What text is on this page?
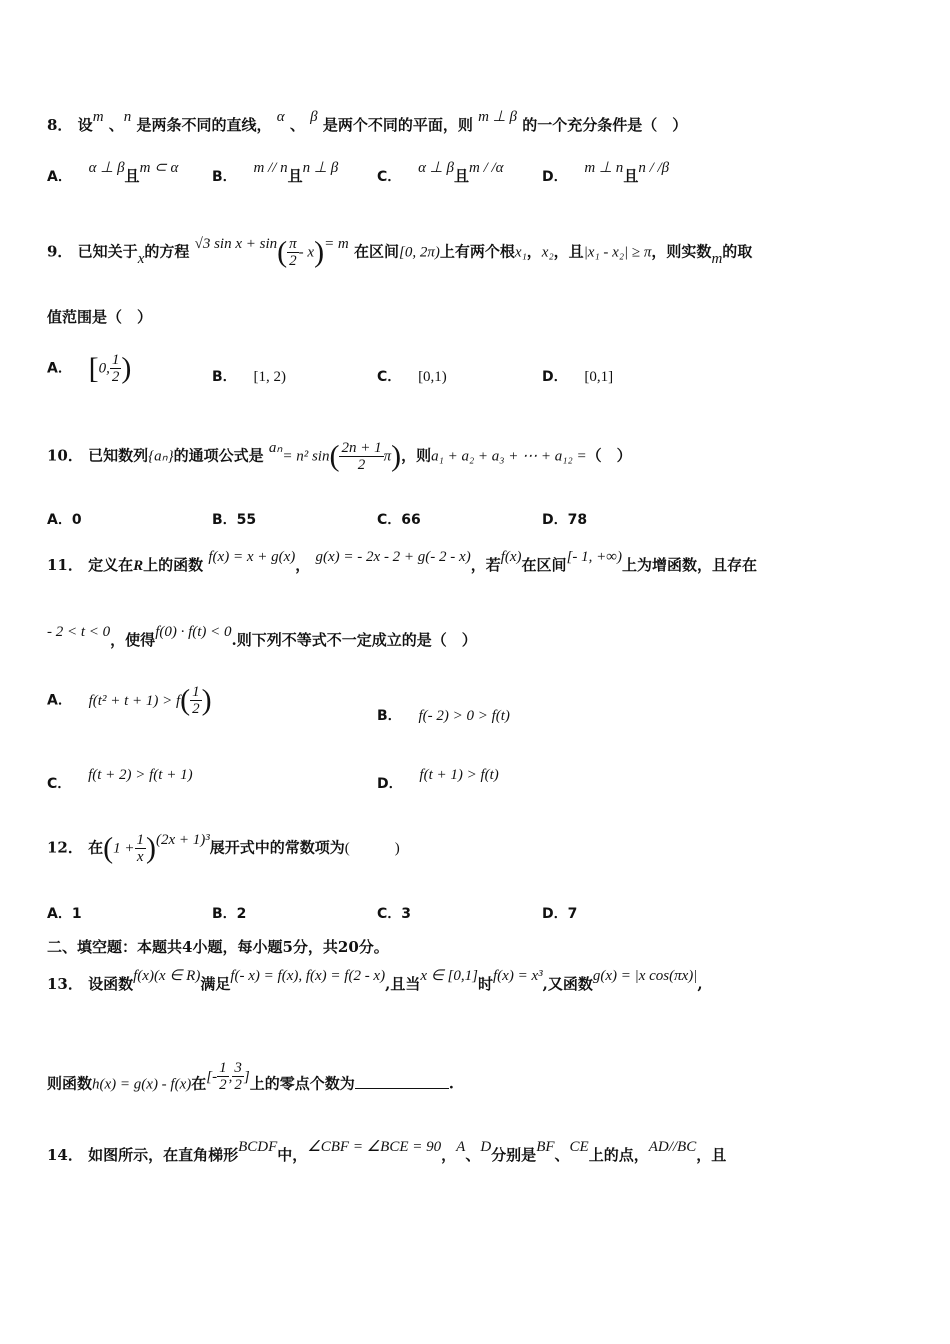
8． 设m 、n 是两条不同的直线， α 、 β 是两个不同的平面，则 m ⊥ β 的一个充分条件是（　）
A． α ⊥ β且m ⊂ α
B． m // n且n ⊥ β
C． α ⊥ β且m / /α
D． m ⊥ n且n / /β
9． 已知关于x的方程 √3 $\sin x + \sin( \frac{\pi}{2} - x)= m$ 在区间[0, 2π)上有两个根x₁，x₂，且|x₁ - x₂| ≥ π，则实数m的取
值范围是（　）
A． [0, $\frac{1}{2}$ )	B． [1, 2)	C． [0,1)	D． [0,1]
10． 已知数列{aₙ}的通项公式是 aₙ= n² $\sin( \frac{2n + 1}{2} \pi)$，则a₁ + a₂ + a₃ + ⋯ + a₁₂ =（　）
A．0	B．55	C．66	D．78
11． 定义在R上的函数 f(x) = x + g(x)， g(x) = - 2x - 2 + g(- 2 - x)，若f(x)在区间[- 1, +∞)上为增函数，且存在
- 2 < t < 0，使得f(0) · f(t) < 0.则下列不等式不一定成立的是（　）
A． $f(t^2 + t + 1) > f( \frac{1}{2}$ )	B． f(- 2) > 0 > f(t)
C． f(t + 2) > f(t + 1)
D． f(t + 1) > f(t)
12． 在$(1 + \frac{1}{x} )(2x + 1)^3$展开式中的常数项为(　　　)
A．1	B．2	C．3	D．7
二、填空题：本题共4小题，每小题5分，共20分。
13． 设函数f(x)(x ∈ R)满足f(- x) = f(x), f(x) = f(2 - x),且当x ∈ [0,1]时f(x) = x³,又函数g(x) = |x cos(πx)|,
则函数h(x) = g(x) - f(x)在[- $\frac{1}{2}$ , $\frac{3}{2}$ ]上的零点个数为	.
14． 如图所示，在直角梯形BCDF中，∠CBF = ∠BCE = 90，A、D分别是BF、CE上的点，AD//BC，且
